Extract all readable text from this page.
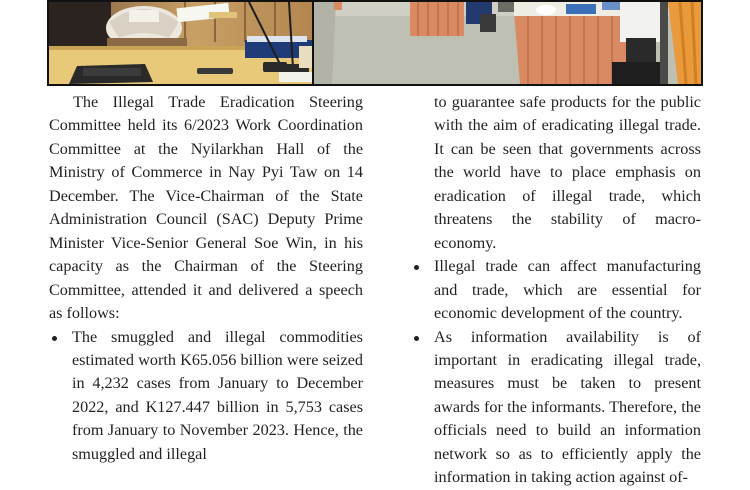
The Illegal Trade Eradication Steering Committee held its 6/2023 Work Coordination Committee at the Nyilarkhan Hall of the Ministry of Commerce in Nay Pyi Taw on 14 December. The Vice-Chairman of the State Administration Council (SAC) Deputy Prime Minister Vice-Senior General Soe Win, in his capacity as the Chairman of the Steering Committee, attended it and delivered a speech as follows:

The smuggled and illegal commodities estimated worth K65.056 billion were seized in 4,232 cases from January to December 2022, and K127.447 billion in 5,753 cases from January to November 2023. Hence, the smuggled and illegal
to guarantee safe products for the public with the aim of eradicating illegal trade. It can be seen that governments across the world have to place emphasis on eradication of illegal trade, which threatens the stability of macro-economy.
Illegal trade can affect manufacturing and trade, which are essential for economic development of the country.
As information availability is of important in eradicating illegal trade, measures must be taken to present awards for the informants. Therefore, the officials need to build an information network so as to efficiently apply the information in taking action against of-
